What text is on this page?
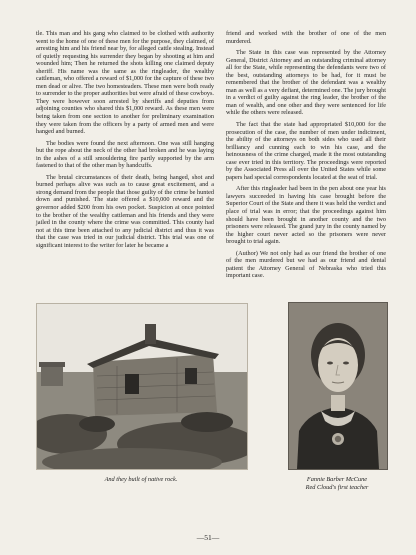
tle. This man and his gang who claimed to be clothed with authority went to the home of one of these men for the purpose, they claimed, of arresting him and his friend near by, for alleged cattle stealing. Instead of quietly requesting his surrender they began by shooting at him and wounded him; Then he returned the shots killing one claimed deputy sheriff. His name was the same as the ringleader, the wealthy cattleman, who offered a reward of $1,000 for the capture of these two men dead or alive. The two homesteaders. These men were both ready to surrender to the proper authorities but were afraid of these cowboys. They were however soon arrested by sheriffs and deputies from adjoining counties who shared this $1,000 reward. As these men were being taken from one section to another for preliminary examination they were taken from the officers by a party of armed men and were hanged and burned.

The bodies were found the next afternoon. One was still hanging but the rope about the neck of the other had broken and he was laying in the ashes of a still smouldering fire partly supported by the arm fastened to that of the other man by handcuffs.

The brutal circumstances of their death, being hanged, shot and burned perhaps alive was such as to cause great excitement, and a strong demand from the people that those guilty of the crime be hunted down and punished. The state offered a $10,000 reward and the governor added $200 from his own pocket. Suspicion at once pointed to the brother of the wealthy cattleman and his friends and they were jailed in the county where the crime was committed. This county had not at this time been attached to any judicial district and thus it was that the case was tried in our judicial district. This trial was one of significant interest to the writer for later he became a

friend and worked with the brother of one of the men murdered.

The State in this case was represented by the Attorney General, District Attorney and an outstanding criminal attorney all for the State, while representing the defendants were two of the best, outstanding attorneys to be had, for it must be remembered that the brother of the defendant was a wealthy man as well as a very defiant, determined one. The jury brought in a verdict of guilty against the ring leader, the brother of the man of wealth, and one other and they were sentenced for life while the others were released.

The fact that the state had appropriated $10,000 for the prosecution of the case, the number of men under indictment, the ability of the attorneys on both sides who used all their brilliancy and cunning each to win his case, and the heinousness of the crime charged, made it the most outstanding case ever tried in this territory. The proceedings were reported by the Associated Press all over the United States while some papers had special correspondents located at the seat of trial.

After this ringleader had been in the pen about one year his lawyers succeeded in having his case brought before the Superior Court of the State and there it was held the verdict and place of trial was in error; that the proceedings against him should have been brought in another county and the two prisoners were released. The grand jury in the county named by the higher court never acted so the prisoners were never brought to trial again.

(Author) We not only had as our friend the brother of one of the men murdered but we had as our friend and dental patient the Attorney General of Nebraska who tried this important case.

And they built of native rock.	Fannie Barber McCune
Red Cloud's first teacher
—51—
